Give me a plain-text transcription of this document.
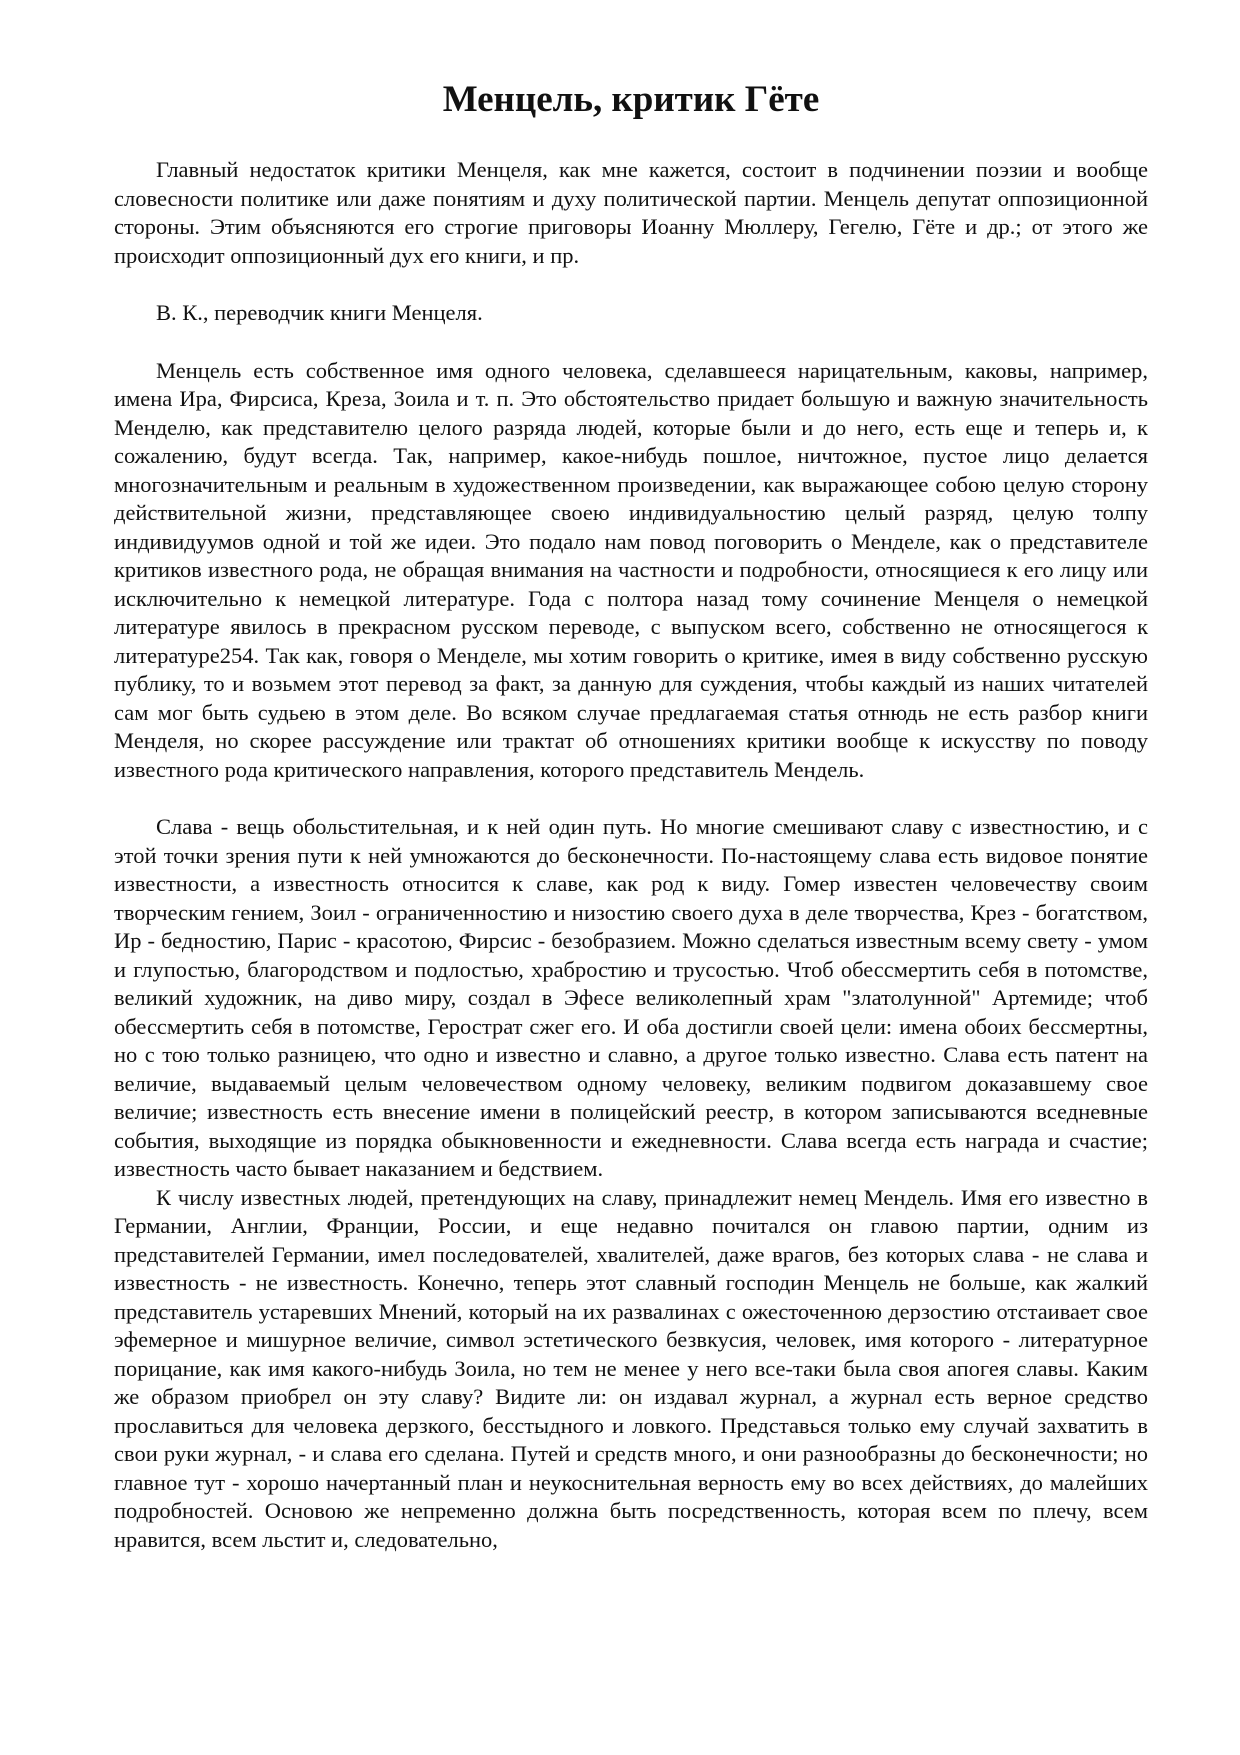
Менцель, критик Гёте

Главный недостаток критики Менцеля, как мне кажется, состоит в подчинении поэзии и вообще словесности политике или даже понятиям и духу политической партии. Менцель депутат оппозиционной стороны. Этим объясняются его строгие приговоры Иоанну Мюллеру, Гегелю, Гёте и др.; от этого же происходит оппозиционный дух его книги, и пр.

В. К., переводчик книги Менцеля.

Менцель есть собственное имя одного человека, сделавшееся нарицательным, каковы, например, имена Ира, Фирсиса, Креза, Зоила и т. п. Это обстоятельство придает большую и важную значительность Менделю, как представителю целого разряда людей, которые были и до него, есть еще и теперь и, к сожалению, будут всегда. Так, например, какое-нибудь пошлое, ничтожное, пустое лицо делается многозначительным и реальным в художественном произведении, как выражающее собою целую сторону действительной жизни, представляющее своею индивидуальностию целый разряд, целую толпу индивидуумов одной и той же идеи. Это подало нам повод поговорить о Менделе, как о представителе критиков известного рода, не обращая внимания на частности и подробности, относящиеся к его лицу или исключительно к немецкой литературе. Года с полтора назад тому сочинение Менцеля о немецкой литературе явилось в прекрасном русском переводе, с выпуском всего, собственно не относящегося к литературе254. Так как, говоря о Менделе, мы хотим говорить о критике, имея в виду собственно русскую публику, то и возьмем этот перевод за факт, за данную для суждения, чтобы каждый из наших читателей сам мог быть судьею в этом деле. Во всяком случае предлагаемая статья отнюдь не есть разбор книги Менделя, но скорее рассуждение или трактат об отношениях критики вообще к искусству по поводу известного рода критического направления, которого представитель Мендель.

Слава - вещь обольстительная, и к ней один путь. Но многие смешивают славу с известностию, и с этой точки зрения пути к ней умножаются до бесконечности. По-настоящему слава есть видовое понятие известности, а известность относится к славе, как род к виду. Гомер известен человечеству своим творческим гением, Зоил - ограниченностию и низостию своего духа в деле творчества, Крез - богатством, Ир - бедностию, Парис - красотою, Фирсис - безобразием. Можно сделаться известным всему свету - умом и глупостью, благородством и подлостью, храбростию и трусостью. Чтоб обессмертить себя в потомстве, великий художник, на диво миру, создал в Эфесе великолепный храм "златолунной" Артемиде; чтоб обессмертить себя в потомстве, Герострат сжег его. И оба достигли своей цели: имена обоих бессмертны, но с тою только разницею, что одно и известно и славно, а другое только известно. Слава есть патент на величие, выдаваемый целым человечеством одному человеку, великим подвигом доказавшему свое величие; известность есть внесение имени в полицейский реестр, в котором записываются вседневные события, выходящие из порядка обыкновенности и ежедневности. Слава всегда есть награда и счастие; известность часто бывает наказанием и бедствием.

К числу известных людей, претендующих на славу, принадлежит немец Мендель. Имя его известно в Германии, Англии, Франции, России, и еще недавно почитался он главою партии, одним из представителей Германии, имел последователей, хвалителей, даже врагов, без которых слава - не слава и известность - не известность. Конечно, теперь этот славный господин Менцель не больше, как жалкий представитель устаревших Мнений, который на их развалинах с ожесточенною дерзостию отстаивает свое эфемерное и мишурное величие, символ эстетического безвкусия, человек, имя которого - литературное порицание, как имя какого-нибудь Зоила, но тем не менее у него все-таки была своя апогея славы. Каким же образом приобрел он эту славу? Видите ли: он издавал журнал, а журнал есть верное средство прославиться для человека дерзкого, бесстыдного и ловкого. Представься только ему случай захватить в свои руки журнал, - и слава его сделана. Путей и средств много, и они разнообразны до бесконечности; но главное тут - хорошо начертанный план и неукоснительная верность ему во всех действиях, до малейших подробностей. Основою же непременно должна быть посредственность, которая всем по плечу, всем нравится, всем льстит и, следовательно,
